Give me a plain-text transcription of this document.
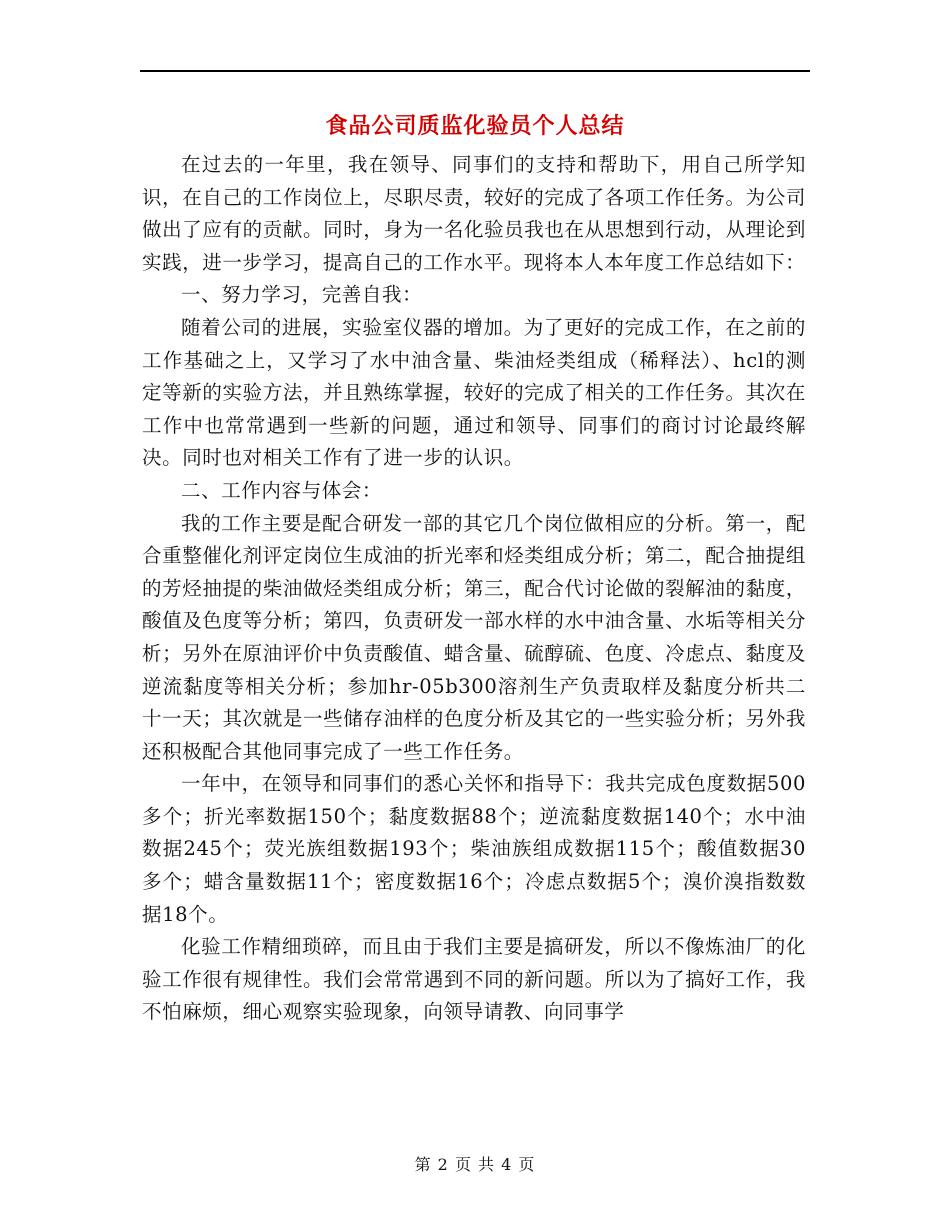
食品公司质监化验员个人总结

在过去的一年里，我在领导、同事们的支持和帮助下，用自己所学知识，在自己的工作岗位上，尽职尽责，较好的完成了各项工作任务。为公司做出了应有的贡献。同时，身为一名化验员我也在从思想到行动，从理论到实践，进一步学习，提高自己的工作水平。现将本人本年度工作总结如下：

一、努力学习，完善自我：

随着公司的进展，实验室仪器的增加。为了更好的完成工作，在之前的工作基础之上，又学习了水中油含量、柴油烃类组成（稀释法）、hcl的测定等新的实验方法，并且熟练掌握，较好的完成了相关的工作任务。其次在工作中也常常遇到一些新的问题，通过和领导、同事们的商讨讨论最终解决。同时也对相关工作有了进一步的认识。

二、工作内容与体会：

我的工作主要是配合研发一部的其它几个岗位做相应的分析。第一，配合重整催化剂评定岗位生成油的折光率和烃类组成分析；第二，配合抽提组的芳烃抽提的柴油做烃类组成分析；第三，配合代讨论做的裂解油的黏度，酸值及色度等分析；第四，负责研发一部水样的水中油含量、水垢等相关分析；另外在原油评价中负责酸值、蜡含量、硫醇硫、色度、冷虑点、黏度及逆流黏度等相关分析；参加hr-05b300溶剂生产负责取样及黏度分析共二十一天；其次就是一些储存油样的色度分析及其它的一些实验分析；另外我还积极配合其他同事完成了一些工作任务。

一年中，在领导和同事们的悉心关怀和指导下：我共完成色度数据500多个；折光率数据150个；黏度数据88个；逆流黏度数据140个；水中油数据245个；荧光族组数据193个；柴油族组成数据115个；酸值数据30多个；蜡含量数据11个；密度数据16个；冷虑点数据5个；溴价溴指数数据18个。

化验工作精细琐碎，而且由于我们主要是搞研发，所以不像炼油厂的化验工作很有规律性。我们会常常遇到不同的新问题。所以为了搞好工作，我不怕麻烦，细心观察实验现象，向领导请教、向同事学

第 2 页 共 4 页
